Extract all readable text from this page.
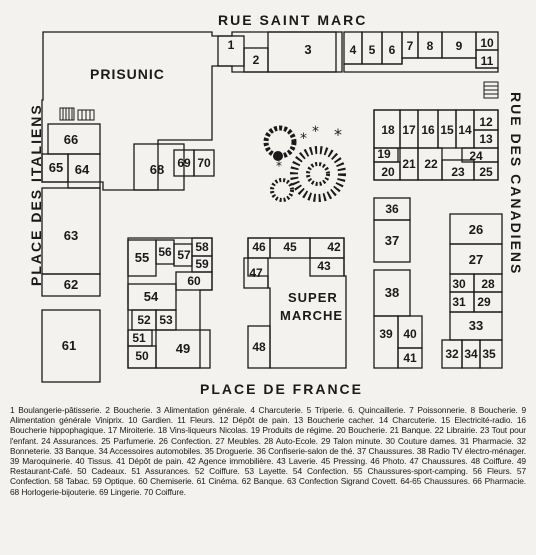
* * *
*
RUE SAINT MARC
PLACE DES ITALIENS	RUE DES CANADIENS
PLACE DE FRANCE
PRISUNIC
SUPER
MARCHE
1
2
3	4	5	6 7	8	9	10
11
12
13
14
15
16
17
18
19
20
21 22
23
24
25
26
27
28
29
30
31
32
33
34 35
36
37
38
39 40
41
42
43
45
46
47
48
49
50
51
52 53
54
55 56 57
58
59
60
61
62
63
64
65
66
68	69 70
1 Boulangerie-pâtisserie. 2 Boucherie. 3 Alimentation générale. 4 Charcuterie. 5 Triperie. 6. Quincaillerie. 7 Poissonnerie. 8 Boucherie. 9 Alimentation générale Viniprix. 10 Gardien. 11 Fleurs. 12 Dépôt de pain. 13 Boucherie cacher. 14 Charcuterie. 15 Electricité-radio. 16 Boucherie hippophagique. 17 Miroiterie. 18 Vins-liqueurs Nicolas. 19 Produits de régime. 20 Boucherie. 21 Banque. 22 Librairie. 23 Tout pour l'enfant. 24 Assurances. 25 Parfumerie. 26 Confection. 27 Meubles. 28 Auto-Ecole. 29 Talon minute. 30 Couture dames. 31 Pharmacie. 32 Bonneterie. 33 Banque. 34 Accessoires automobiles. 35 Droguerie. 36 Confiserie-salon de thé. 37 Chaussures. 38 Radio TV électro-ménager. 39 Maroquinerie. 40 Tissus. 41 Dépôt de pain. 42 Agence immobilière. 43 Laverie. 45 Pressing. 46 Photo. 47 Chaussures. 48 Coiffure. 49 Restaurant-Café. 50 Cadeaux. 51 Assurances. 52 Coiffure. 53 Layette. 54 Confection. 55 Chaussures-sport-camping. 56 Fleurs. 57 Confection. 58 Tabac. 59 Optique. 60 Chemiserie. 61 Cinéma. 62 Banque. 63 Confection Sigrand Covett. 64-65 Chaussures. 66 Pharmacie. 68 Horlogerie-bijouterie. 69 Lingerie. 70 Coiffure.
